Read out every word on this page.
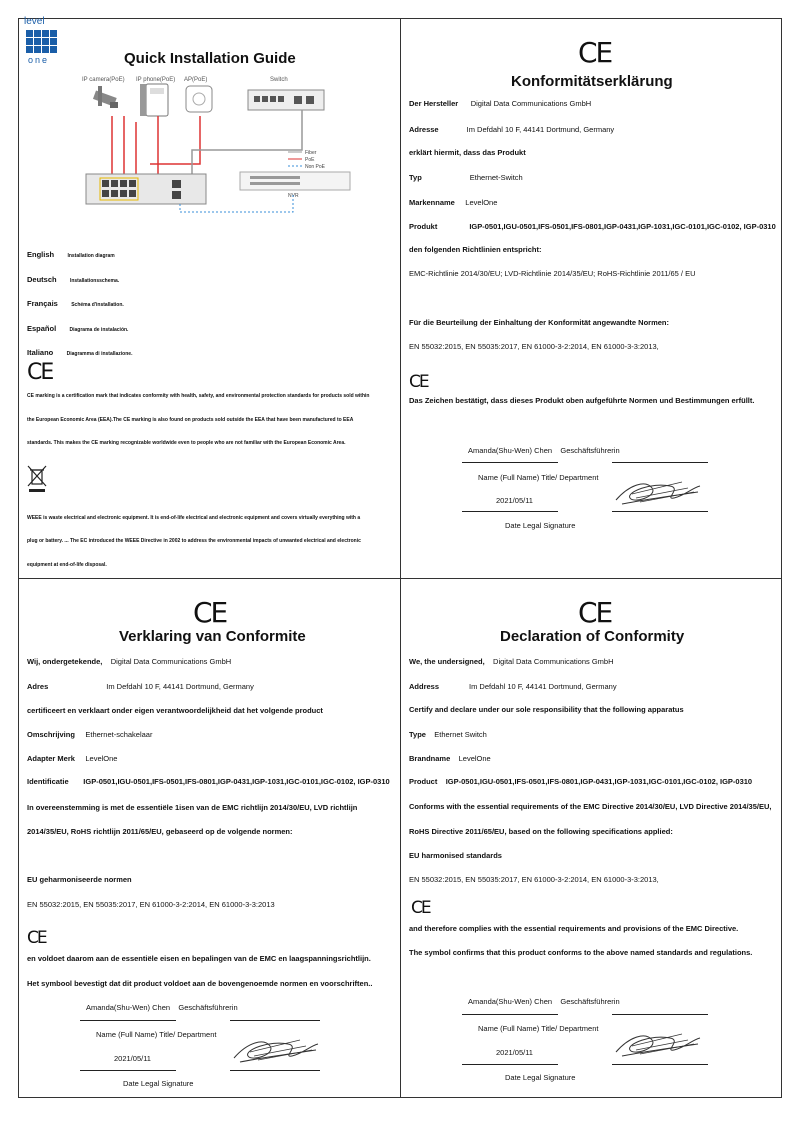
level
one	Quick Installation Guide
Fiber
PoE
Non PoE
NVR
IP camera(PoE) IP phone(PoE) AP(PoE)	Switch
English	Installation diagram
Deutsch	Installationsschema.
Français	Schéma d'installation.
Español	Diagrama de instalación.
Italiano	Diagramma di installazione.
CE
CE marking is a certification mark that indicates conformity with health, safety, and environmental protection standards for products sold within
the European Economic Area (EEA).The CE marking is also found on products sold outside the EEA that have been manufactured to EEA
standards. This makes the CE marking recognizable worldwide even to people who are not familiar with the European Economic Area.
WEEE is waste electrical and electronic equipment. It is end-of-life electrical and electronic equipment and covers virtually everything with a
plug or battery. ... The EC introduced the WEEE Directive in 2002 to address the environmental impacts of unwanted electrical and electronic
equipment at end-of-life disposal.
CE
Konformitätserklärung
Der Hersteller Digital Data Communications GmbH
Adresse	Im Defdahl 10 F, 44141 Dortmund, Germany
erklärt hiermit, dass das Produkt
Typ	Ethernet-Switch
Markenname LevelOne
Produkt	IGP-0501,IGU-0501,IFS-0501,IFS-0801,IGP-0431,IGP-1031,IGC-0101,IGC-0102, IGP-0310
den folgenden Richtlinien entspricht:
EMC-Richtlinie 2014/30/EU; LVD-Richtlinie 2014/35/EU; RoHS-Richtlinie 2011/65 / EU
Für die Beurteilung der Einhaltung der Konformität angewandte Normen:
EN 55032:2015, EN 55035:2017, EN 61000-3-2:2014, EN 61000-3-3:2013,
CE
Das Zeichen bestätigt, dass dieses Produkt oben aufgeführte Normen und Bestimmungen erfüllt.
Amanda(Shu-Wen) Chen Geschäftsführerin
Name (Full Name) Title/ Department
2021/05/11
Date Legal Signature
CE
Verklaring van Conformite
Wij, ondergetekende, Digital Data Communications GmbH
Adres	Im Defdahl 10 F, 44141 Dortmund, Germany
certificeert en verklaart onder eigen verantwoordelijkheid dat het volgende product
Omschrijving Ethernet-schakelaar
Adapter Merk LevelOne
Identificatie IGP-0501,IGU-0501,IFS-0501,IFS-0801,IGP-0431,IGP-1031,IGC-0101,IGC-0102, IGP-0310
In overeenstemming is met de essentiële 1isen van de EMC richtlijn 2014/30/EU, LVD richtlijn
2014/35/EU, RoHS richtlijn 2011/65/EU, gebaseerd op de volgende normen:
EU geharmoniseerde normen
EN 55032:2015, EN 55035:2017, EN 61000-3-2:2014, EN 61000-3-3:2013
CE
en voldoet daarom aan de essentiële eisen en bepalingen van de EMC en laagspanningsrichtlijn.
Het symbool bevestigt dat dit product voldoet aan de bovengenoemde normen en voorschriften..
Amanda(Shu-Wen) Chen Geschäftsführerin
Name (Full Name) Title/ Department
2021/05/11
Date Legal Signature
CE
Declaration of Conformity
We, the undersigned, Digital Data Communications GmbH
Address	Im Defdahl 10 F, 44141 Dortmund, Germany
Certify and declare under our sole responsibility that the following apparatus
Type Ethernet Switch
Brandname LevelOne
Product IGP-0501,IGU-0501,IFS-0501,IFS-0801,IGP-0431,IGP-1031,IGC-0101,IGC-0102, IGP-0310
Conforms with the essential requirements of the EMC Directive 2014/30/EU, LVD Directive 2014/35/EU,
RoHS Directive 2011/65/EU, based on the following specifications applied:
EU harmonised standards
EN 55032:2015, EN 55035:2017, EN 61000-3-2:2014, EN 61000-3-3:2013,
CE
and therefore complies with the essential requirements and provisions of the EMC Directive.
The symbol confirms that this product conforms to the above named standards and regulations.
Amanda(Shu-Wen) Chen Geschäftsführerin
Name (Full Name) Title/ Department
2021/05/11
Date Legal Signature
